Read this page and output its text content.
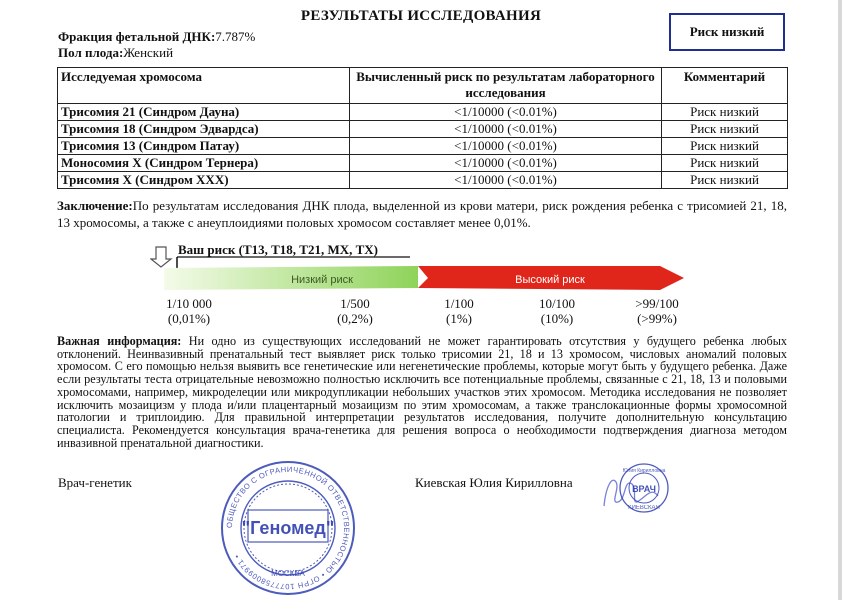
РЕЗУЛЬТАТЫ ИССЛЕДОВАНИЯ
Фракция фетальной ДНК:7.787%
Пол плода:Женский
Риск низкий
Исследуемая хромосома	Вычисленный риск по результатам лабораторного исследования	Комментарий
Трисомия 21 (Синдром Дауна)	<1/10000 (<0.01%)	Риск низкий
Трисомия 18 (Синдром Эдвардса)	<1/10000 (<0.01%)	Риск низкий
Трисомия 13 (Синдром Патау)	<1/10000 (<0.01%)	Риск низкий
Моносомия X (Синдром Тернера)	<1/10000 (<0.01%)	Риск низкий
Трисомия X (Синдром XXX)	<1/10000 (<0.01%)	Риск низкий
Заключение:По результатам исследования ДНК плода, выделенной из крови матери, риск рождения ребенка с трисомией 21, 18, 13 хромосомы, а также с анеуплоидиями половых хромосом составляет менее 0,01%.
Низкий риск	Высокий риск
Ваш риск (Т13, Т18, Т21, МХ, ТХ)
1/10 000
(0,01%)
1/500
(0,2%)
1/100
(1%)
10/100
(10%)
>99/100
(>99%)
Важная информация: Ни одно из существующих исследований не может гарантировать отсутствия у будущего ребенка любых отклонений. Неинвазивный пренатальный тест выявляет риск только трисомии 21, 18 и 13 хромосом, числовых аномалий половых хромосом. С его помощью нельзя выявить все генетические или негенетические проблемы, которые могут быть у будущего ребенка. Даже если результаты теста отрицательные невозможно полностью исключить все потенциальные проблемы, связанные с 21, 18, 13 и половыми хромосомами, например, микроделеции или микродупликации небольших участков этих хромосом. Методика исследования не позволяет исключить мозаицизм у плода и/или плацентарный мозаицизм по этим хромосомам, а также транслокационные формы хромосомной патологии и триплоидию. Для правильной интерпретации результатов исследования, получите дополнительную консультацию специалиста. Рекомендуется консультация врача-генетика для решения вопроса о необходимости подтверждения диагноза методом инвазивной пренатальной диагностики.
Врач-генетик	Киевская Юлия Кирилловна
ОБЩЕСТВО С ОГРАНИЧЕННОЙ ОТВЕТСТВЕННОСТЬЮ • ОГРН 1077758009971 •
"Геномед"
МОСКВА
Юлия Кирилловна
ВРАЧ
КИЕВСКАЯ
